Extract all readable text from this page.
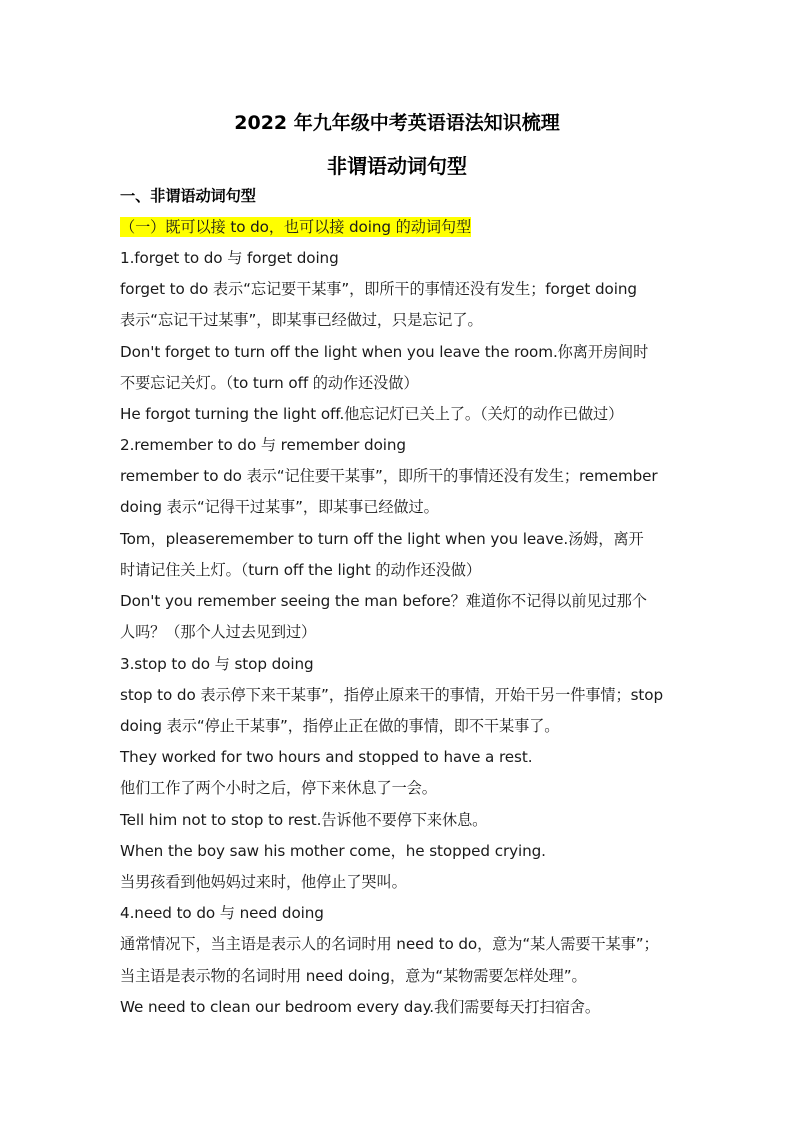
2022 年九年级中考英语语法知识梳理
非谓语动词句型
一、非谓语动词句型
（一）既可以接 to do，也可以接 doing 的动词句型
1.forget to do 与 forget doing
forget to do 表示“忘记要干某事”，即所干的事情还没有发生；forget doing
表示“忘记干过某事”，即某事已经做过，只是忘记了。
Don't forget to turn off the light when you leave the room.你离开房间时
不要忘记关灯。（to turn off 的动作还没做）
He forgot turning the light off.他忘记灯已关上了。（关灯的动作已做过）
2.remember to do 与 remember doing
remember to do 表示“记住要干某事”，即所干的事情还没有发生；remember
doing 表示“记得干过某事”，即某事已经做过。
Tom，pleaseremember to turn off the light when you leave.汤姆，离开
时请记住关上灯。（turn off the light 的动作还没做）
Don't you remember seeing the man before？难道你不记得以前见过那个
人吗？（那个人过去见到过）
3.stop to do 与 stop doing
stop to do 表示停下来干某事”，指停止原来干的事情，开始干另一件事情；stop
doing 表示“停止干某事”，指停止正在做的事情，即不干某事了。
They worked for two hours and stopped to have a rest.
他们工作了两个小时之后，停下来休息了一会。
Tell him not to stop to rest.告诉他不要停下来休息。
When the boy saw his mother come，he stopped crying.
当男孩看到他妈妈过来时，他停止了哭叫。
4.need to do 与 need doing
通常情况下，当主语是表示人的名词时用 need to do，意为“某人需要干某事”；
当主语是表示物的名词时用 need doing，意为“某物需要怎样处理”。
We need to clean our bedroom every day.我们需要每天打扫宿舍。
